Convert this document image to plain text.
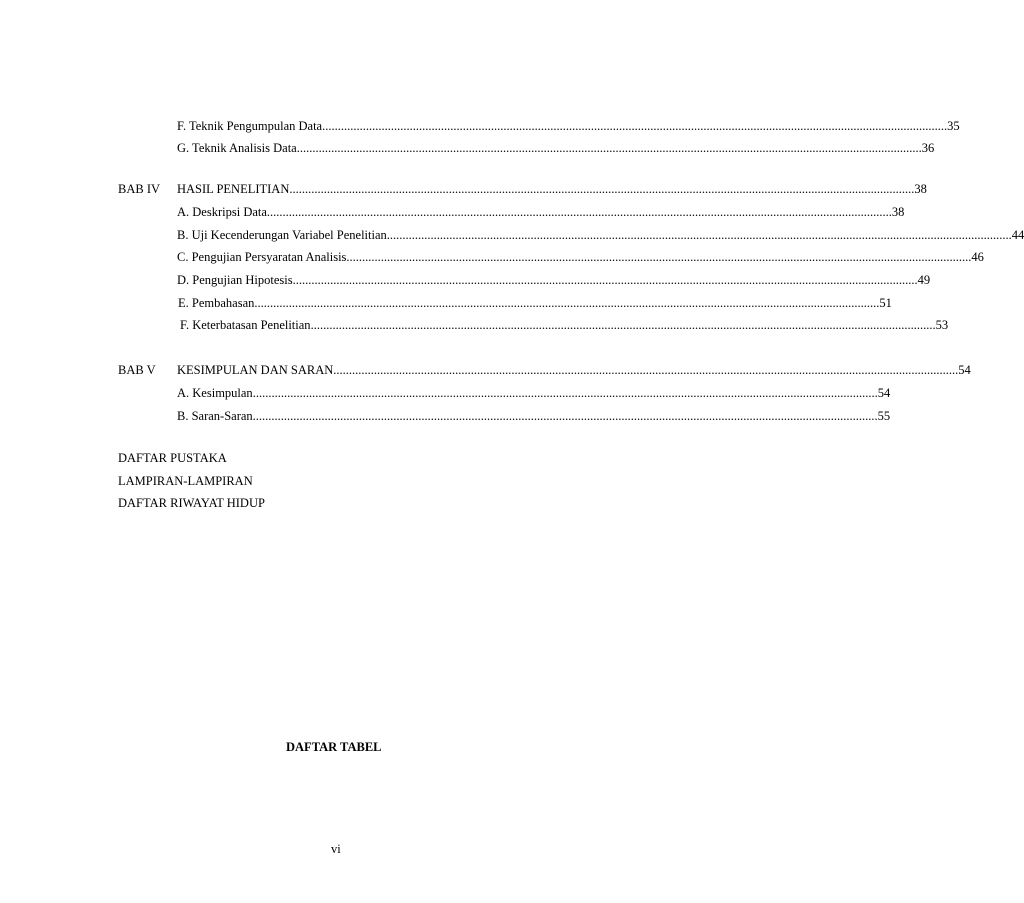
F. Teknik Pengumpulan Data ........................................................................................................................................................................................................ 35
G. Teknik Analisis Data ........................................................................................................................................................................................................ 36
BAB IV HASIL PENELITIAN ........................................................................................................................................................................................................ 38
A. Deskripsi Data ........................................................................................................................................................................................................ 38
B. Uji Kecenderungan Variabel Penelitian ........................................................................................................................................................................................................ 44
C. Pengujian Persyaratan Analisis ........................................................................................................................................................................................................ 46
D. Pengujian Hipotesis ........................................................................................................................................................................................................ 49
E. Pembahasan ........................................................................................................................................................................................................ 51
F. Keterbatasan Penelitian ........................................................................................................................................................................................................ 53
BAB V KESIMPULAN DAN SARAN ........................................................................................................................................................................................................ 54
A. Kesimpulan ........................................................................................................................................................................................................ 54
B. Saran-Saran ........................................................................................................................................................................................................ 55
DAFTAR PUSTAKA
LAMPIRAN-LAMPIRAN
DAFTAR RIWAYAT HIDUP
DAFTAR TABEL
vi
